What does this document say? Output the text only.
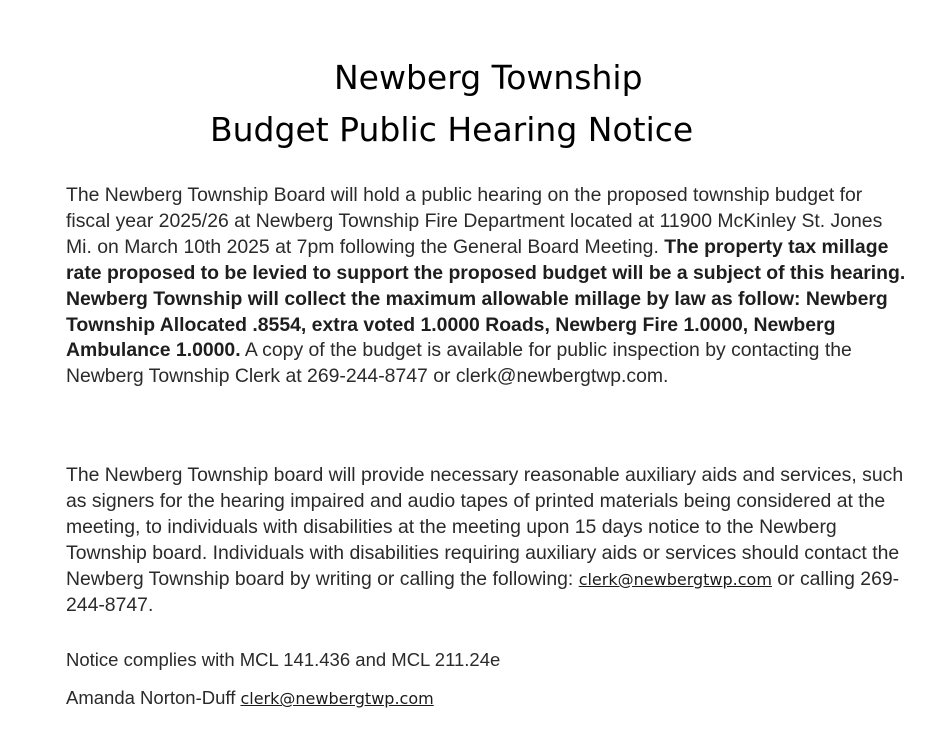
Newberg Township
Budget Public Hearing Notice
The Newberg Township Board will hold a public hearing on the proposed township budget for fiscal year 2025/26 at Newberg Township Fire Department located at 11900 McKinley St. Jones Mi. on March 10th 2025 at 7pm following the General Board Meeting. The property tax millage rate proposed to be levied to support the proposed budget will be a subject of this hearing. Newberg Township will collect the maximum allowable millage by law as follow: Newberg Township Allocated .8554, extra voted 1.0000 Roads, Newberg Fire 1.0000, Newberg Ambulance 1.0000. A copy of the budget is available for public inspection by contacting the Newberg Township Clerk at 269-244-8747 or clerk@newbergtwp.com.
The Newberg Township board will provide necessary reasonable auxiliary aids and services, such as signers for the hearing impaired and audio tapes of printed materials being considered at the meeting, to individuals with disabilities at the meeting upon 15 days notice to the Newberg Township board. Individuals with disabilities requiring auxiliary aids or services should contact the Newberg Township board by writing or calling the following: clerk@newbergtwp.com or calling 269-244-8747.
Notice complies with MCL 141.436 and MCL 211.24e
Amanda Norton-Duff clerk@newbergtwp.com
